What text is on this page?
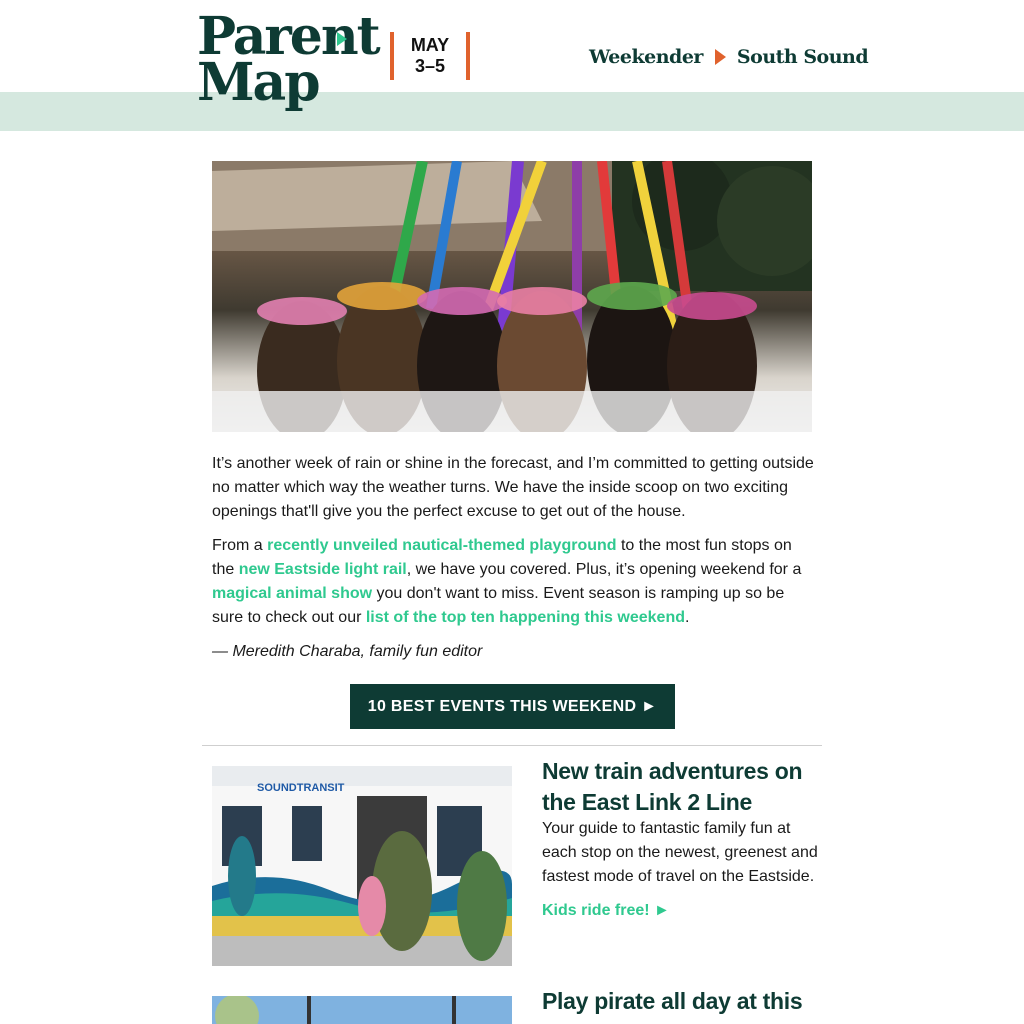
Parent
Map
MAY
3–5	Weekender South Sound

It’s another week of rain or shine in the forecast, and I’m committed to getting outside no matter which way the weather turns. We have the inside scoop on two exciting openings that'll give you the perfect excuse to get out of the house.

From a recently unveiled nautical-themed playground to the most fun stops on the new Eastside light rail, we have you covered. Plus, it’s opening weekend for a magical animal show you don't want to miss. Event season is ramping up so be sure to check out our list of the top ten happening this weekend.

— Meredith Charaba, family fun editor

10 BEST EVENTS THIS WEEKEND ►
SOUNDTRANSIT
New train adventures on the East Link 2 Line
Your guide to fantastic family fun at each stop on the newest, greenest and fastest mode of travel on the Eastside.
Kids ride free! ►
Play pirate all day at this
